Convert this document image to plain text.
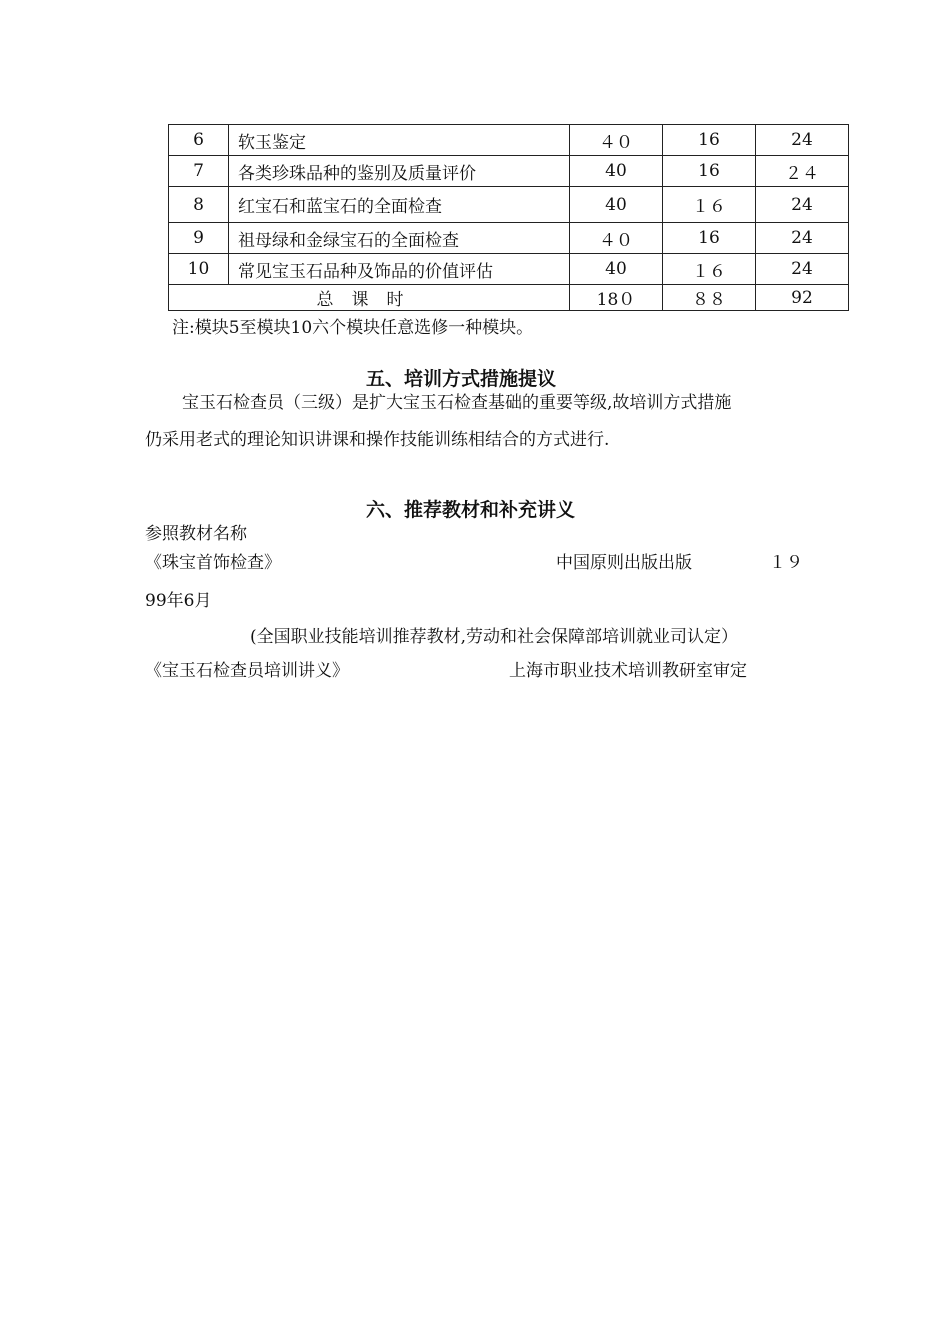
6	软玉鉴定	４０	16	24
7	各类珍珠品种的鉴别及质量评价	40	16	２４
8	红宝石和蓝宝石的全面检查	40	１６	24
9	祖母绿和金绿宝石的全面检查	４０	16	24
10	常见宝玉石品种及饰品的价值评估	40	１６	24
总课时		18０	８８	92
注:模块5至模块10六个模块任意选修一种模块。
五、培训方式措施提议
宝玉石检查员（三级）是扩大宝玉石检查基础的重要等级,故培训方式措施
仍采用老式的理论知识讲课和操作技能训练相结合的方式进行.
六、推荐教材和补充讲义
参照教材名称
《珠宝首饰检查》	中国原则出版出版	１９
99年6月
(全国职业技能培训推荐教材,劳动和社会保障部培训就业司认定）
《宝玉石检查员培训讲义》	上海市职业技术培训教研室审定
